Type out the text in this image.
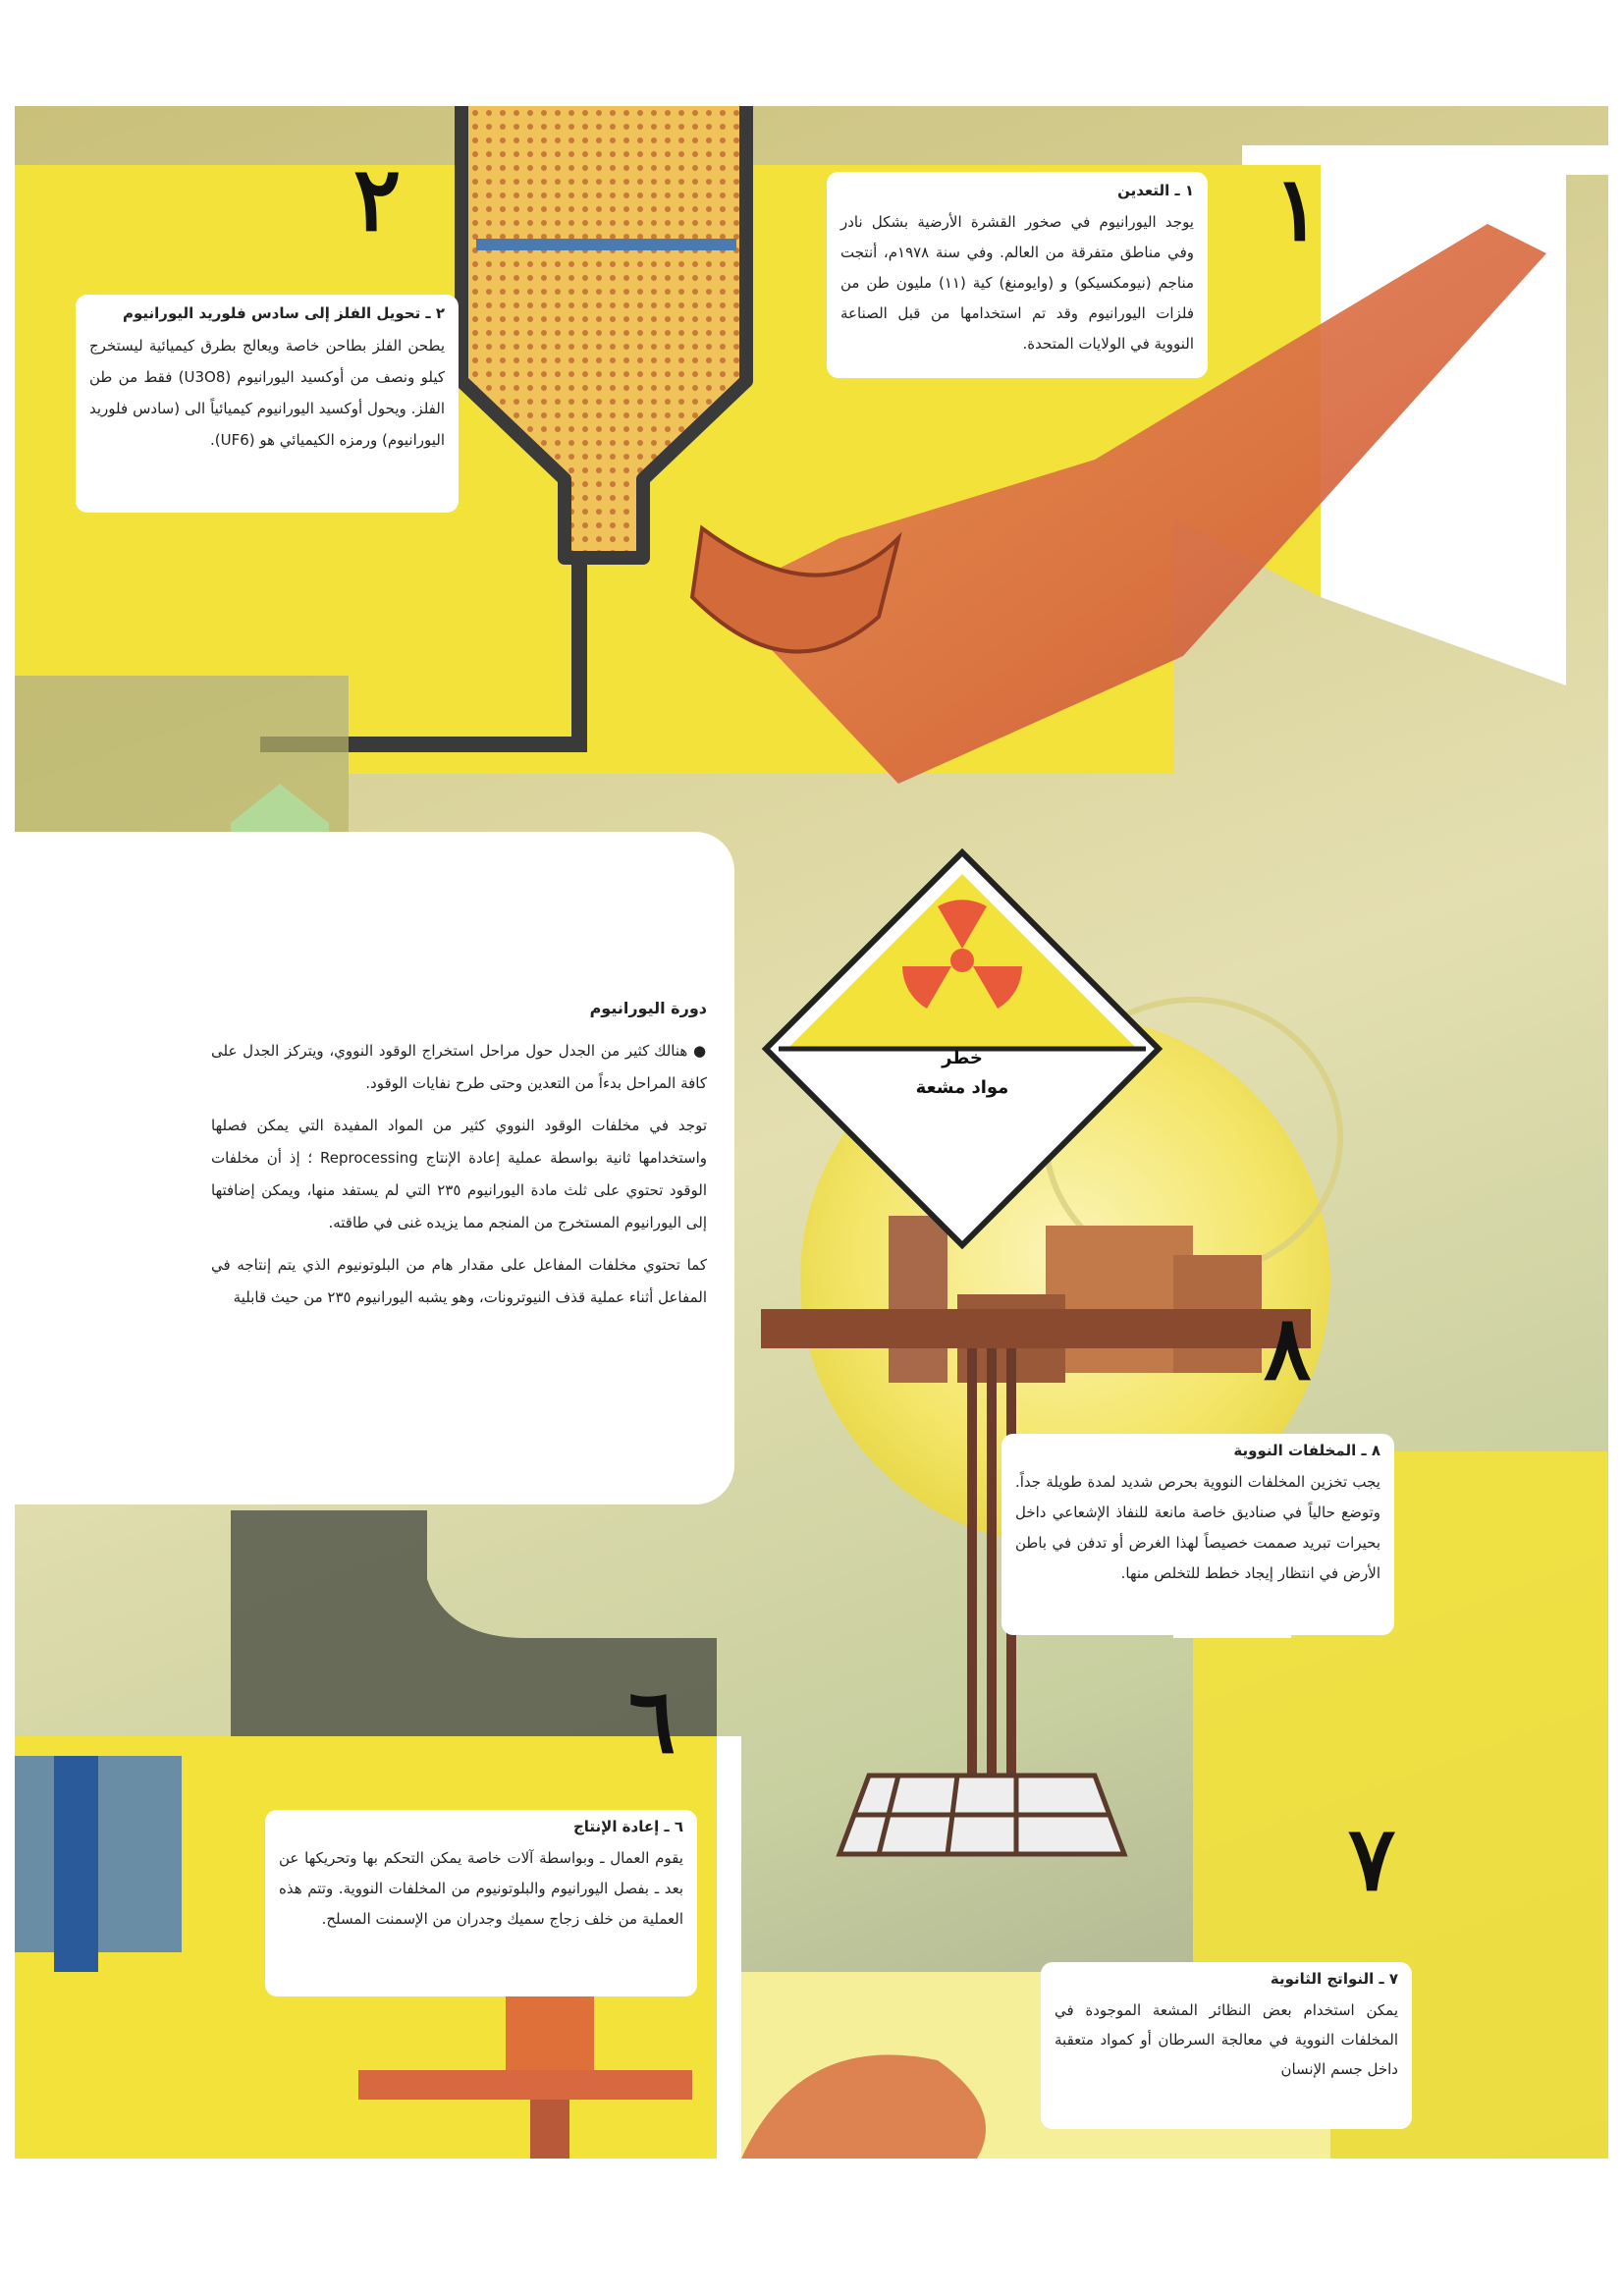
١
٢
٨
٦
٧
خطر
مواد مشعة
١ ـ التعدين

يوجد اليورانيوم في صخور القشرة الأرضية بشكل نادر وفي مناطق متفرقة من العالم. وفي سنة ١٩٧٨م، أنتجت مناجم (نيومكسيكو) و (وايومنغ) كية (١١) مليون طن من فلزات اليورانيوم وقد تم استخدامها من قبل الصناعة النووية في الولايات المتحدة.

٢ ـ تحويل الفلز إلى سادس فلوريد اليورانيوم

يطحن الفلز بطاحن خاصة ويعالج بطرق كيميائية ليستخرج كيلو ونصف من أوكسيد اليورانيوم (U3O8) فقط من طن الفلز. ويحول أوكسيد اليورانيوم كيميائياً الى (سادس فلوريد اليورانيوم) ورمزه الكيميائي هو (UF6).

دورة اليورانيوم

● هنالك كثير من الجدل حول مراحل استخراج الوقود النووي، ويتركز الجدل على كافة المراحل بدءاً من التعدين وحتى طرح نفايات الوقود.

توجد في مخلفات الوقود النووي كثير من المواد المفيدة التي يمكن فصلها واستخدامها ثانية بواسطة عملية إعادة الإنتاج Reprocessing ؛ إذ أن مخلفات الوقود تحتوي على ثلث مادة اليورانيوم ٢٣٥ التي لم يستفد منها، ويمكن إضافتها إلى اليورانيوم المستخرج من المنجم مما يزيده غنى في طاقته.

كما تحتوي مخلفات المفاعل على مقدار هام من البلوتونيوم الذي يتم إنتاجه في المفاعل أثناء عملية قذف النيوترونات، وهو يشبه اليورانيوم ٢٣٥ من حيث قابلية

٨ ـ المخلفات النووية

يجب تخزين المخلفات النووية بحرص شديد لمدة طويلة جداً. وتوضع حالياً في صناديق خاصة مانعة للنفاذ الإشعاعي داخل بحيرات تبريد صممت خصيصاً لهذا الغرض أو تدفن في باطن الأرض في انتظار إيجاد خطط للتخلص منها.

٦ ـ إعادة الإنتاج

يقوم العمال ـ وبواسطة آلات خاصة يمكن التحكم بها وتحريكها عن بعد ـ بفصل اليورانيوم والبلوتونيوم من المخلفات النووية. وتتم هذه العملية من خلف زجاج سميك وجدران من الإسمنت المسلح.

٧ ـ النواتج الثانوية

يمكن استخدام بعض النظائر المشعة الموجودة في المخلفات النووية في معالجة السرطان أو كمواد متعقبة داخل جسم الإنسان
